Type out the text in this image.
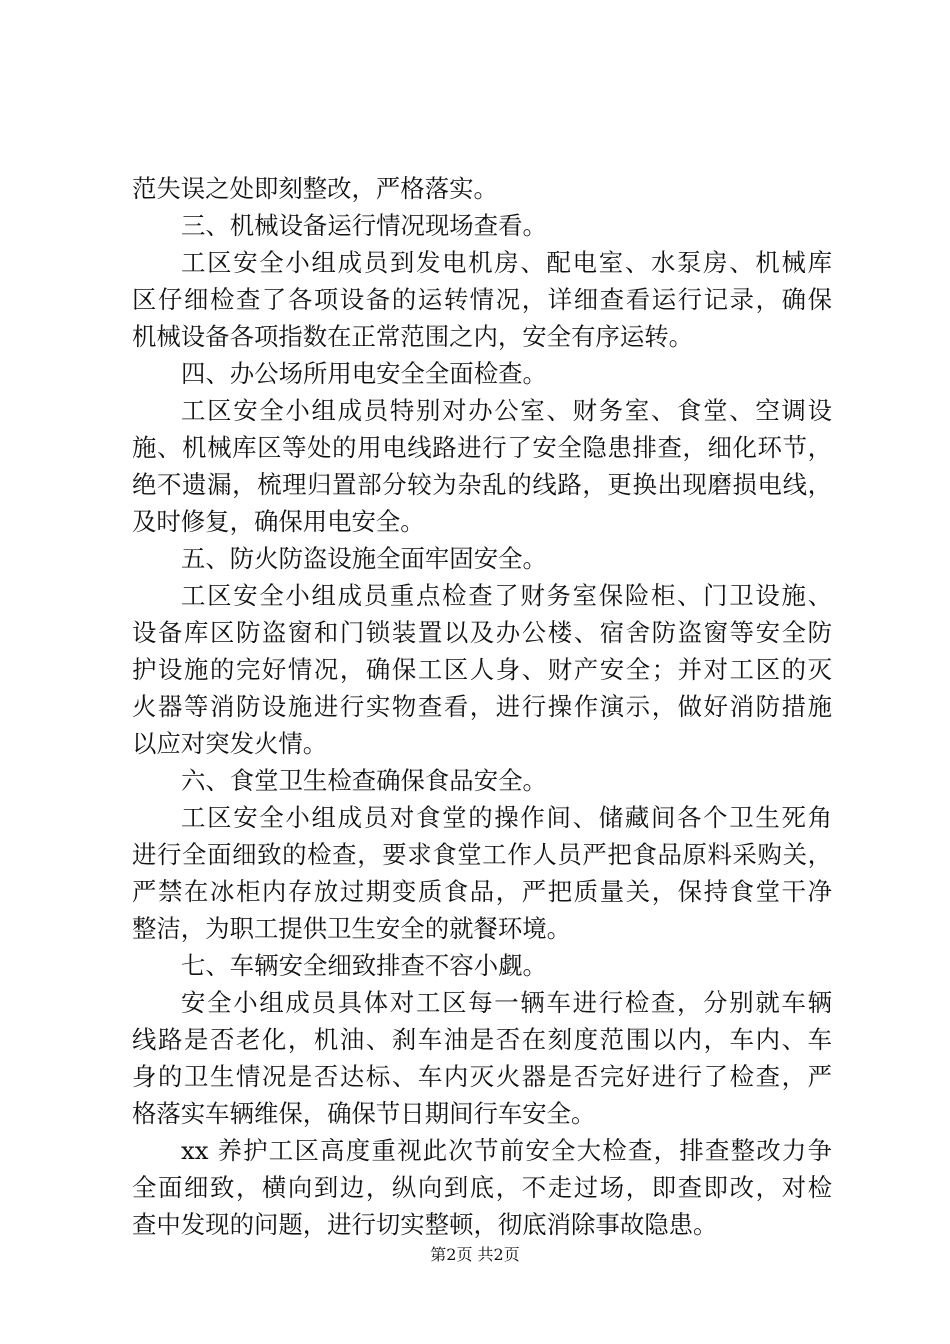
范失误之处即刻整改，严格落实。
三、机械设备运行情况现场查看。
工区安全小组成员到发电机房、配电室、水泵房、机械库
区仔细检查了各项设备的运转情况，详细查看运行记录，确保
机械设备各项指数在正常范围之内，安全有序运转。
四、办公场所用电安全全面检查。
工区安全小组成员特别对办公室、财务室、食堂、空调设
施、机械库区等处的用电线路进行了安全隐患排查，细化环节，
绝不遗漏，梳理归置部分较为杂乱的线路，更换出现磨损电线，
及时修复，确保用电安全。
五、防火防盗设施全面牢固安全。
工区安全小组成员重点检查了财务室保险柜、门卫设施、
设备库区防盗窗和门锁装置以及办公楼、宿舍防盗窗等安全防
护设施的完好情况，确保工区人身、财产安全；并对工区的灭
火器等消防设施进行实物查看，进行操作演示，做好消防措施
以应对突发火情。
六、食堂卫生检查确保食品安全。
工区安全小组成员对食堂的操作间、储藏间各个卫生死角
进行全面细致的检查，要求食堂工作人员严把食品原料采购关，
严禁在冰柜内存放过期变质食品，严把质量关，保持食堂干净
整洁，为职工提供卫生安全的就餐环境。
七、车辆安全细致排查不容小觑。
安全小组成员具体对工区每一辆车进行检查，分别就车辆
线路是否老化，机油、刹车油是否在刻度范围以内，车内、车
身的卫生情况是否达标、车内灭火器是否完好进行了检查，严
格落实车辆维保，确保节日期间行车安全。
xx 养护工区高度重视此次节前安全大检查，排查整改力争
全面细致，横向到边，纵向到底，不走过场，即查即改，对检
查中发现的问题，进行切实整顿，彻底消除事故隐患。
第2页 共2页
